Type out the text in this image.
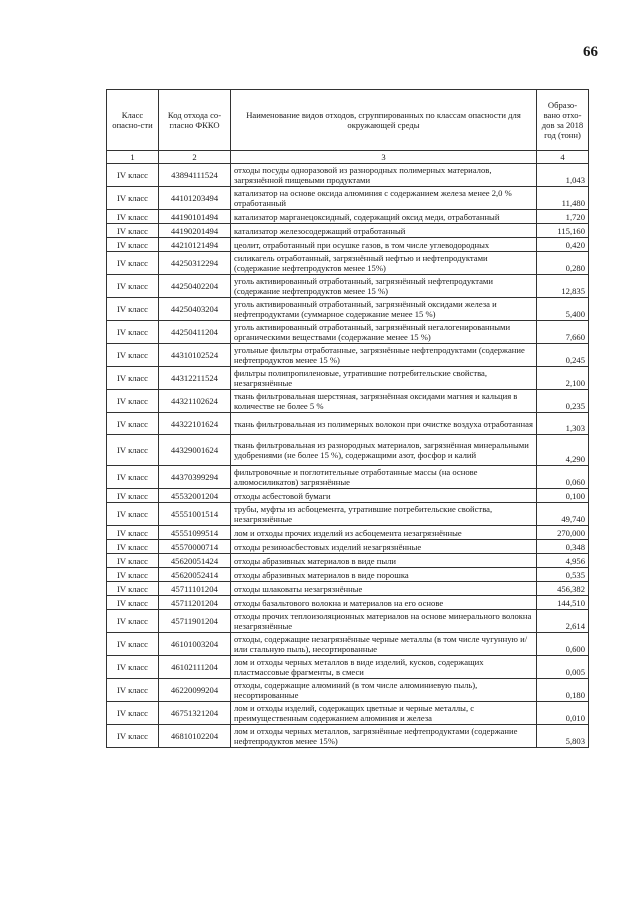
66
Класс опасно-сти	Код отхода со-гласно ФККО	Наименование видов отходов, сгруппированных по классам опасности для окружающей среды	Образо-вано отхо-дов за 2018 год (тонн)
1	2	3	4
IV класс	43894111524	отходы посуды одноразовой из разнородных полимерных материалов, загрязнённой пищевыми продуктами	1,043
IV класс	44101203494	катализатор на основе оксида алюминия с содержанием железа менее 2,0 % отработанный	11,480
IV класс	44190101494	катализатор марганецоксидный, содержащий оксид меди, отработанный	1,720
IV класс	44190201494	катализатор железосодержащий отработанный	115,160
IV класс	44210121494	цеолит, отработанный при осушке газов, в том числе углеводородных	0,420
IV класс	44250312294	силикагель отработанный, загрязнённый нефтью и нефтепродуктами (содержание нефтепродуктов менее 15%)	0,280
IV класс	44250402204	уголь активированный отработанный, загрязнённый нефтепродуктами (содержание нефтепродуктов менее 15 %)	12,835
IV класс	44250403204	уголь активированный отработанный, загрязнённый оксидами железа и нефтепродуктами (суммарное содержание менее 15 %)	5,400
IV класс	44250411204	уголь активированный отработанный, загрязнённый негалогенированными органическими веществами (содержание менее 15 %)	7,660
IV класс	44310102524	угольные фильтры отработанные, загрязнённые нефтепродуктами (содержание нефтепродуктов менее 15 %)	0,245
IV класс	44312211524	фильтры полипропиленовые, утратившие потребительские свойства, незагрязнённые	2,100
IV класс	44321102624	ткань фильтровальная шерстяная, загрязнённая оксидами магния и кальция в количестве не более 5 %	0,235
IV класс	44322101624	ткань фильтровальная из полимерных волокон при очистке воздуха отработанная	1,303
IV класс	44329001624	ткань фильтровальная из разнородных материалов, загрязнённая минеральными удобрениями (не более 15 %), содержащими азот, фосфор и калий	4,290
IV класс	44370399294	фильтровочные и поглотительные отработанные массы (на основе алюмосиликатов) загрязнённые	0,060
IV класс	45532001204	отходы асбестовой бумаги	0,100
IV класс	45551001514	трубы, муфты из асбоцемента, утратившие потребительские свойства, незагрязнённые	49,740
IV класс	45551099514	лом и отходы прочих изделий из асбоцемента незагрязнённые	270,000
IV класс	45570000714	отходы резиноасбестовых изделий незагрязнённые	0,348
IV класс	45620051424	отходы абразивных материалов в виде пыли	4,956
IV класс	45620052414	отходы абразивных материалов в виде порошка	0,535
IV класс	45711101204	отходы шлаковаты незагрязнённые	456,382
IV класс	45711201204	отходы базальтового волокна и материалов на его основе	144,510
IV класс	45711901204	отходы прочих теплоизоляционных материалов на основе минерального волокна незагрязнённые	2,614
IV класс	46101003204	отходы, содержащие незагрязнённые черные металлы (в том числе чугунную и/или стальную пыль), несортированные	0,600
IV класс	46102111204	лом и отходы черных металлов в виде изделий, кусков, содержащих пластмассовые фрагменты, в смеси	0,005
IV класс	46220099204	отходы, содержащие алюминий (в том числе алюминиевую пыль), несортированные	0,180
IV класс	46751321204	лом и отходы изделий, содержащих цветные и черные металлы, с преимущественным содержанием алюминия и железа	0,010
IV класс	46810102204	лом и отходы черных металлов, загрязнённые нефтепродуктами (содержание нефтепродуктов менее 15%)	5,803
